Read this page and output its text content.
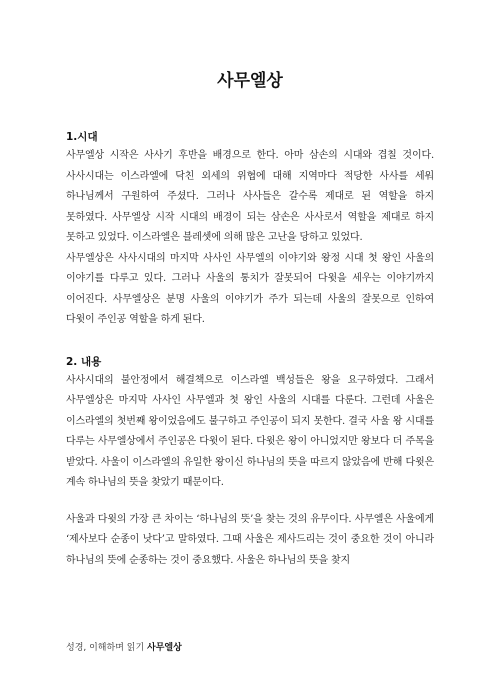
사무엘상
1.시대

사무엘상 시작은 사사기 후반을 배경으로 한다. 아마 삼손의 시대와 겹칠 것이다. 사사시대는 이스라엘에 닥친 외세의 위협에 대해 지역마다 적당한 사사를 세워 하나님께서 구원하여 주셨다. 그러나 사사들은 갈수록 제대로 된 역할을 하지 못하였다. 사무엘상 시작 시대의 배경이 되는 삼손은 사사로서 역할을 제대로 하지 못하고 있었다. 이스라엘은 블레셋에 의해 많은 고난을 당하고 있었다.

사무엘상은 사사시대의 마지막 사사인 사무엘의 이야기와 왕정 시대 첫 왕인 사울의 이야기를 다루고 있다. 그러나 사울의 통치가 잘못되어 다윗을 세우는 이야기까지 이어진다. 사무엘상은 분명 사울의 이야기가 주가 되는데 사울의 잘못으로 인하여 다윗이 주인공 역할을 하게 된다.

2. 내용

사사시대의 불안정에서 해결책으로 이스라엘 백성들은 왕을 요구하였다. 그래서 사무엘상은 마지막 사사인 사무엘과 첫 왕인 사울의 시대를 다룬다. 그런데 사울은 이스라엘의 첫번째 왕이었음에도 불구하고 주인공이 되지 못한다. 결국 사울 왕 시대를 다루는 사무엘상에서 주인공은 다윗이 된다. 다윗은 왕이 아니었지만 왕보다 더 주목을 받았다. 사울이 이스라엘의 유일한 왕이신 하나님의 뜻을 따르지 않았음에 반해 다윗은 계속 하나님의 뜻을 찾았기 때문이다.

사울과 다윗의 가장 큰 차이는 ‘하나님의 뜻’을 찾는 것의 유무이다. 사무엘은 사울에게 ‘제사보다 순종이 낫다’고 말하였다. 그때 사울은 제사드리는 것이 중요한 것이 아니라 하나님의 뜻에 순종하는 것이 중요했다. 사울은 하나님의 뜻을 찾지

성경, 이해하며 읽기 사무엘상
